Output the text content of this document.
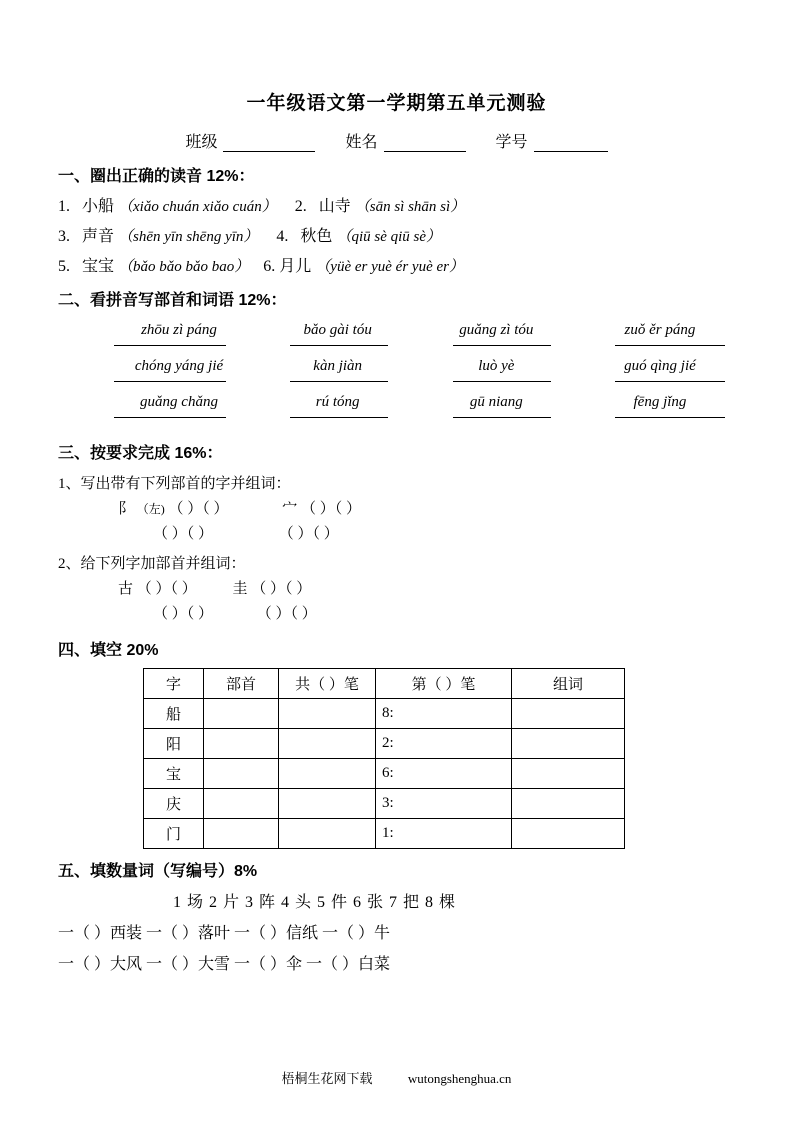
一年级语文第一学期第五单元测验
班级	姓名	学号
一、圈出正确的读音 12%：
1. 小船 （xiǎo chuán xiǎo cuán） 2. 山寺 （sān sì shān sì）
3. 声音 （shēn yīn shēng yīn） 4. 秋色 （qiū sè qiū sè）
5. 宝宝 （bǎo bǎo bǎo bao） 6. 月儿 （yüè er yuè ér yuè er）
二、看拼音写部首和词语 12%：
zhōu zì páng	bǎo gài tóu	guǎng zì tóu	zuǒ ěr páng
chóng yáng jié	kàn jiàn	luò yè	guó qìng jié
guǎng chǎng	rú tóng	gū niang	fēng jǐng
三、按要求完成 16%：
1、写出带有下列部首的字并组词：
阝 （左) （ ）（ ）	宀 （ ）（ ）
（ ）（ ）	（ ）（ ）
2、给下列字加部首并组词：
古 （ ）（ ） 圭 （ ）（ ）
（ ）（ ）	（ ）（ ）
四、填空 20%
字	部首	共（ ）笔	第（ ）笔	组词
船			8:	
阳			2:	
宝			6:	
庆			3:	
门			1:	
五、填数量词（写编号）8%
1 场 2 片 3 阵 4 头 5 件 6 张 7 把 8 棵
一（ ）西装 一（ ）落叶 一（ ）信纸 一（ ）牛
一（ ）大风 一（ ）大雪 一（ ）伞 一（ ）白菜
梧桐生花网下载	wutongshenghua.cn
